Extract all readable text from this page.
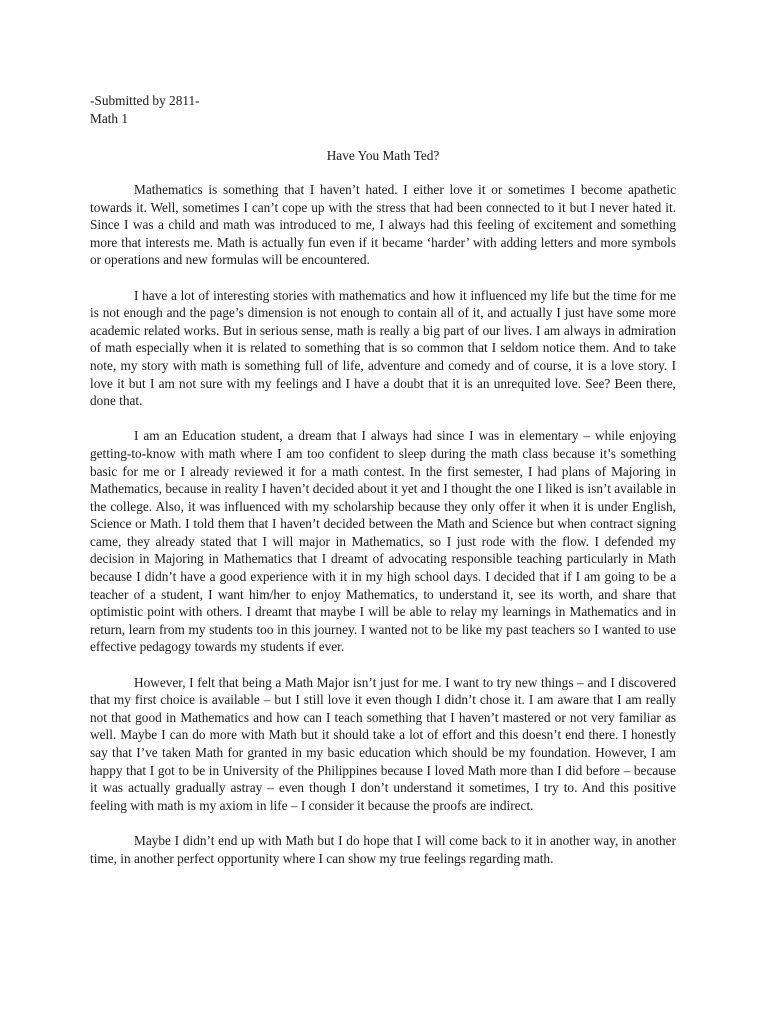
-Submitted by 2811-
Math 1
Have You Math Ted?

Mathematics is something that I haven’t hated. I either love it or sometimes I become apathetic towards it. Well, sometimes I can’t cope up with the stress that had been connected to it but I never hated it. Since I was a child and math was introduced to me, I always had this feeling of excitement and something more that interests me. Math is actually fun even if it became ‘harder’ with adding letters and more symbols or operations and new formulas will be encountered.

I have a lot of interesting stories with mathematics and how it influenced my life but the time for me is not enough and the page’s dimension is not enough to contain all of it, and actually I just have some more academic related works. But in serious sense, math is really a big part of our lives. I am always in admiration of math especially when it is related to something that is so common that I seldom notice them. And to take note, my story with math is something full of life, adventure and comedy and of course, it is a love story. I love it but I am not sure with my feelings and I have a doubt that it is an unrequited love. See? Been there, done that.

I am an Education student, a dream that I always had since I was in elementary – while enjoying getting-to-know with math where I am too confident to sleep during the math class because it’s something basic for me or I already reviewed it for a math contest. In the first semester, I had plans of Majoring in Mathematics, because in reality I haven’t decided about it yet and I thought the one I liked is isn’t available in the college. Also, it was influenced with my scholarship because they only offer it when it is under English, Science or Math. I told them that I haven’t decided between the Math and Science but when contract signing came, they already stated that I will major in Mathematics, so I just rode with the flow. I defended my decision in Majoring in Mathematics that I dreamt of advocating responsible teaching particularly in Math because I didn’t have a good experience with it in my high school days. I decided that if I am going to be a teacher of a student, I want him/her to enjoy Mathematics, to understand it, see its worth, and share that optimistic point with others. I dreamt that maybe I will be able to relay my learnings in Mathematics and in return, learn from my students too in this journey. I wanted not to be like my past teachers so I wanted to use effective pedagogy towards my students if ever.

However, I felt that being a Math Major isn’t just for me. I want to try new things – and I discovered that my first choice is available – but I still love it even though I didn’t chose it. I am aware that I am really not that good in Mathematics and how can I teach something that I haven’t mastered or not very familiar as well. Maybe I can do more with Math but it should take a lot of effort and this doesn’t end there. I honestly say that I’ve taken Math for granted in my basic education which should be my foundation. However, I am happy that I got to be in University of the Philippines because I loved Math more than I did before – because it was actually gradually astray – even though I don’t understand it sometimes, I try to. And this positive feeling with math is my axiom in life – I consider it because the proofs are indirect.

Maybe I didn’t end up with Math but I do hope that I will come back to it in another way, in another time, in another perfect opportunity where I can show my true feelings regarding math.
